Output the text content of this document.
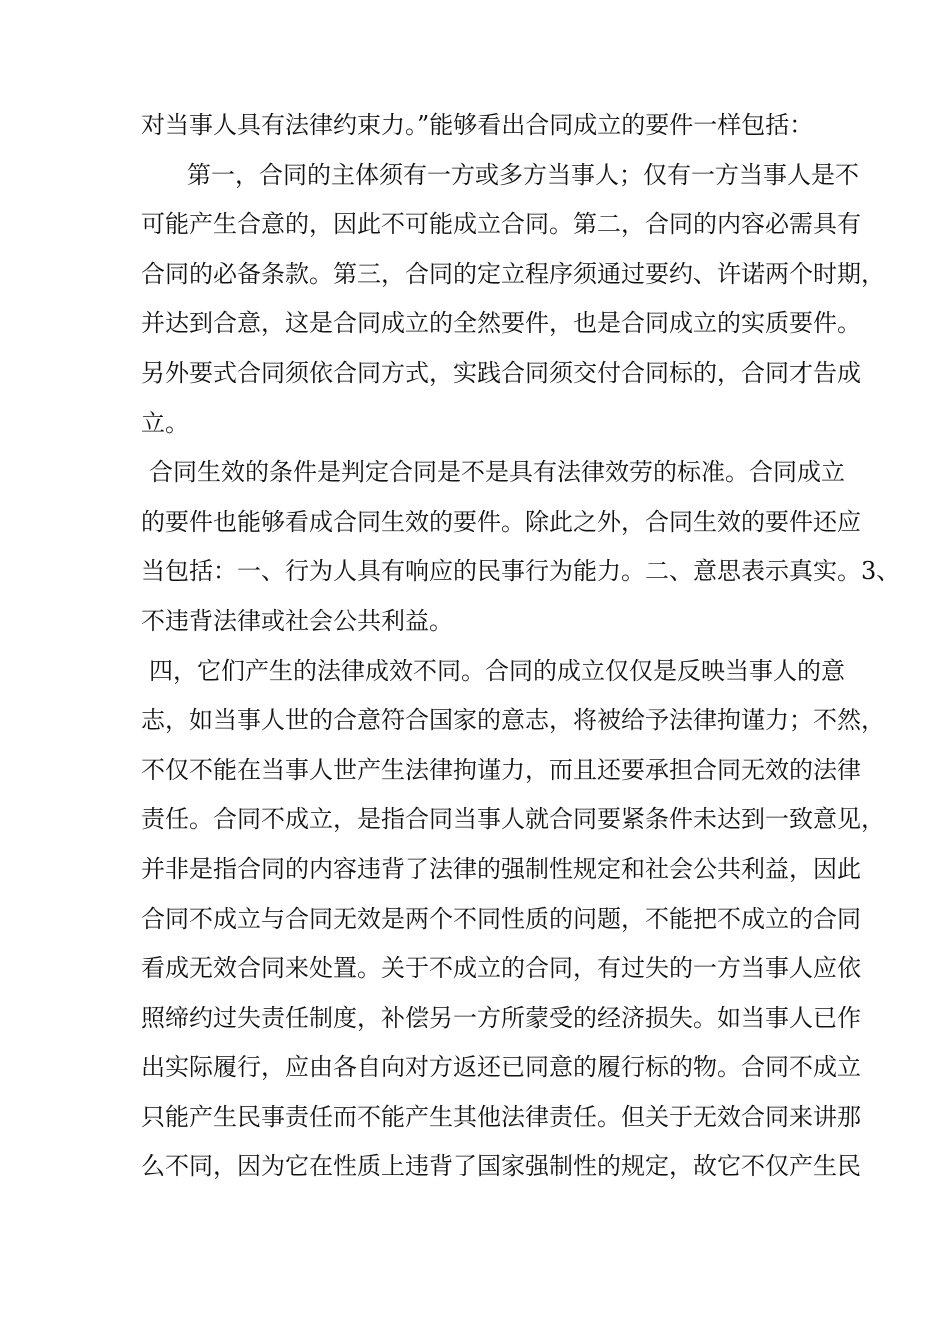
对当事人具有法律约束力。”能够看出合同成立的要件一样包括：

第一，合同的主体须有一方或多方当事人；仅有一方当事人是不

可能产生合意的，因此不可能成立合同。第二，合同的内容必需具有

合同的必备条款。第三，合同的定立程序须通过要约、许诺两个时期，

并达到合意，这是合同成立的全然要件，也是合同成立的实质要件。

另外要式合同须依合同方式，实践合同须交付合同标的，合同才告成

立。

合同生效的条件是判定合同是不是具有法律效劳的标准。合同成立

的要件也能够看成合同生效的要件。除此之外，合同生效的要件还应

当包括：一、行为人具有响应的民事行为能力。二、意思表示真实。3、

不违背法律或社会公共利益。

四，它们产生的法律成效不同。合同的成立仅仅是反映当事人的意

志，如当事人世的合意符合国家的意志，将被给予法律拘谨力；不然，

不仅不能在当事人世产生法律拘谨力，而且还要承担合同无效的法律

责任。合同不成立，是指合同当事人就合同要紧条件未达到一致意见，

并非是指合同的内容违背了法律的强制性规定和社会公共利益，因此

合同不成立与合同无效是两个不同性质的问题，不能把不成立的合同

看成无效合同来处置。关于不成立的合同，有过失的一方当事人应依

照缔约过失责任制度，补偿另一方所蒙受的经济损失。如当事人已作

出实际履行，应由各自向对方返还已同意的履行标的物。合同不成立

只能产生民事责任而不能产生其他法律责任。但关于无效合同来讲那

么不同，因为它在性质上违背了国家强制性的规定，故它不仅产生民
